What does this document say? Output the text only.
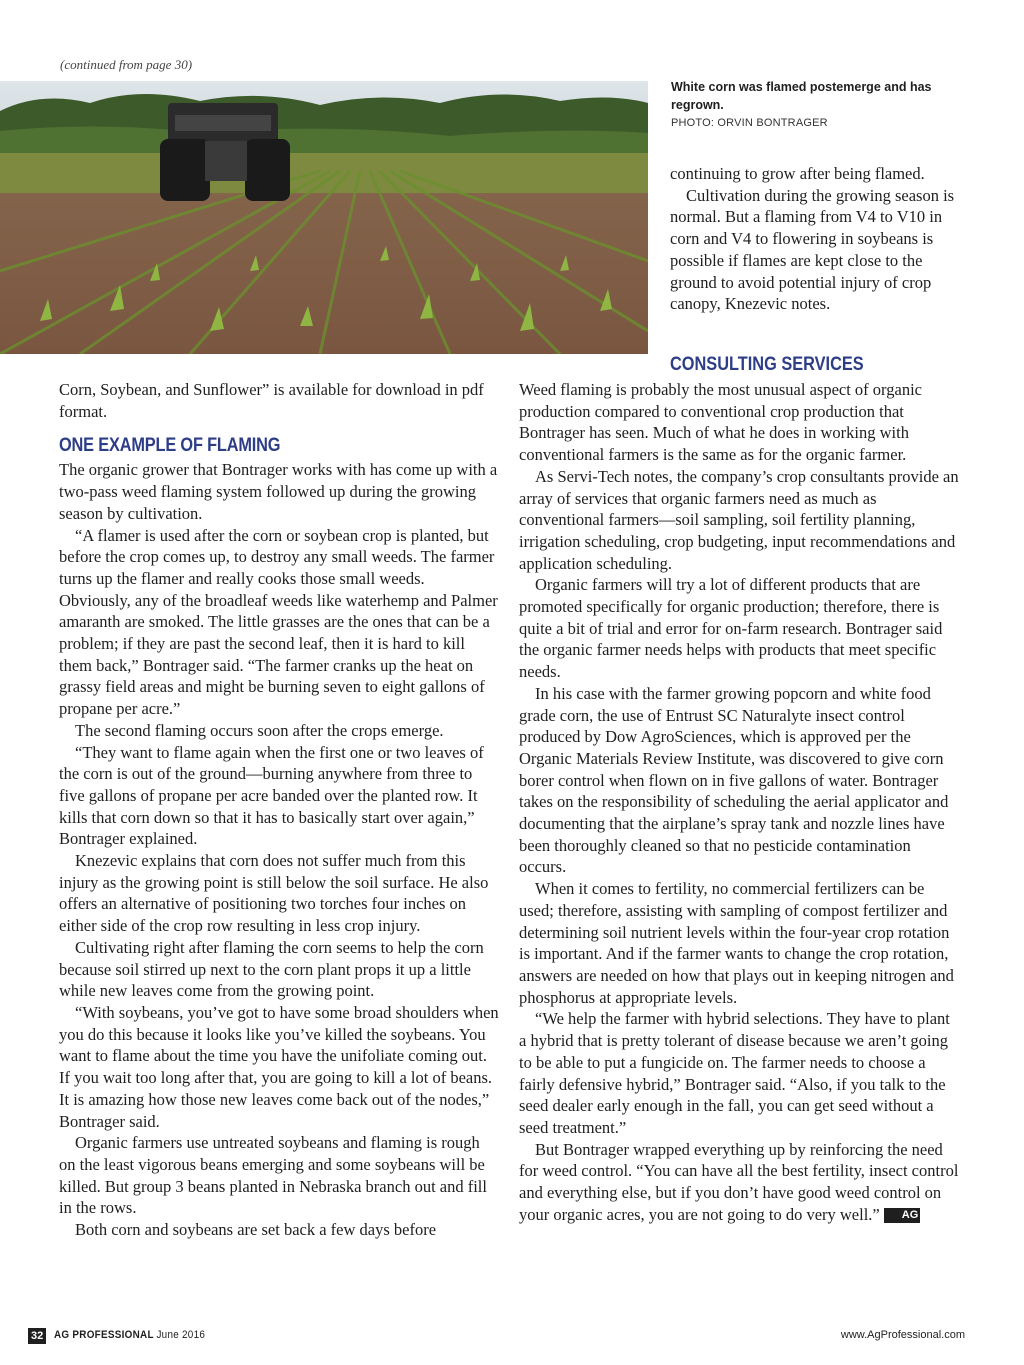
(continued from page 30)
White corn was flamed postemerge and has regrown.
PHOTO: ORVIN BONTRAGER

continuing to grow after being flamed.

Cultivation during the growing season is normal. But a flaming from V4 to V10 in corn and V4 to flowering in soybeans is possible if flames are kept close to the ground to avoid potential injury of crop canopy, Knezevic notes.

CONSULTING SERVICES

Corn, Soybean, and Sunflower” is available for download in pdf format.

ONE EXAMPLE OF FLAMING

The organic grower that Bontrager works with has come up with a two-pass weed flaming system followed up during the growing season by cultivation.

“A flamer is used after the corn or soybean crop is planted, but before the crop comes up, to destroy any small weeds. The farmer turns up the flamer and really cooks those small weeds. Obviously, any of the broadleaf weeds like waterhemp and Palmer amaranth are smoked. The little grasses are the ones that can be a problem; if they are past the second leaf, then it is hard to kill them back,” Bontrager said. “The farmer cranks up the heat on grassy field areas and might be burning seven to eight gallons of propane per acre.”

The second flaming occurs soon after the crops emerge.

“They want to flame again when the first one or two leaves of the corn is out of the ground—burning anywhere from three to five gallons of propane per acre banded over the planted row. It kills that corn down so that it has to basically start over again,” Bontrager explained.

Knezevic explains that corn does not suffer much from this injury as the growing point is still below the soil surface. He also offers an alternative of positioning two torches four inches on either side of the crop row resulting in less crop injury.

Cultivating right after flaming the corn seems to help the corn because soil stirred up next to the corn plant props it up a little while new leaves come from the growing point.

“With soybeans, you’ve got to have some broad shoulders when you do this because it looks like you’ve killed the soybeans. You want to flame about the time you have the unifoliate coming out. If you wait too long after that, you are going to kill a lot of beans. It is amazing how those new leaves come back out of the nodes,” Bontrager said.

Organic farmers use untreated soybeans and flaming is rough on the least vigorous beans emerging and some soybeans will be killed. But group 3 beans planted in Nebraska branch out and fill in the rows.

Both corn and soybeans are set back a few days before

Weed flaming is probably the most unusual aspect of organic production compared to conventional crop production that Bontrager has seen. Much of what he does in working with conventional farmers is the same as for the organic farmer.

As Servi-Tech notes, the company’s crop consultants provide an array of services that organic farmers need as much as conventional farmers—soil sampling, soil fertility planning, irrigation scheduling, crop budgeting, input recommendations and application scheduling.

Organic farmers will try a lot of different products that are promoted specifically for organic production; therefore, there is quite a bit of trial and error for on-farm research. Bontrager said the organic farmer needs helps with products that meet specific needs.

In his case with the farmer growing popcorn and white food grade corn, the use of Entrust SC Naturalyte insect control produced by Dow AgroSciences, which is approved per the Organic Materials Review Institute, was discovered to give corn borer control when flown on in five gallons of water. Bontrager takes on the responsibility of scheduling the aerial applicator and documenting that the airplane’s spray tank and nozzle lines have been thoroughly cleaned so that no pesticide contamination occurs.

When it comes to fertility, no commercial fertilizers can be used; therefore, assisting with sampling of compost fertilizer and determining soil nutrient levels within the four-year crop rotation is important. And if the farmer wants to change the crop rotation, answers are needed on how that plays out in keeping nitrogen and phosphorus at appropriate levels.

“We help the farmer with hybrid selections. They have to plant a hybrid that is pretty tolerant of disease because we aren’t going to be able to put a fungicide on. The farmer needs to choose a fairly defensive hybrid,” Bontrager said. “Also, if you talk to the seed dealer early enough in the fall, you can get seed without a seed treatment.”

But Bontrager wrapped everything up by reinforcing the need for weed control. “You can have all the best fertility, insect control and everything else, but if you don’t have good weed control on your organic acres, you are not going to do very well.” AG

32 AG PROFESSIONAL June 2016	www.AgProfessional.com
